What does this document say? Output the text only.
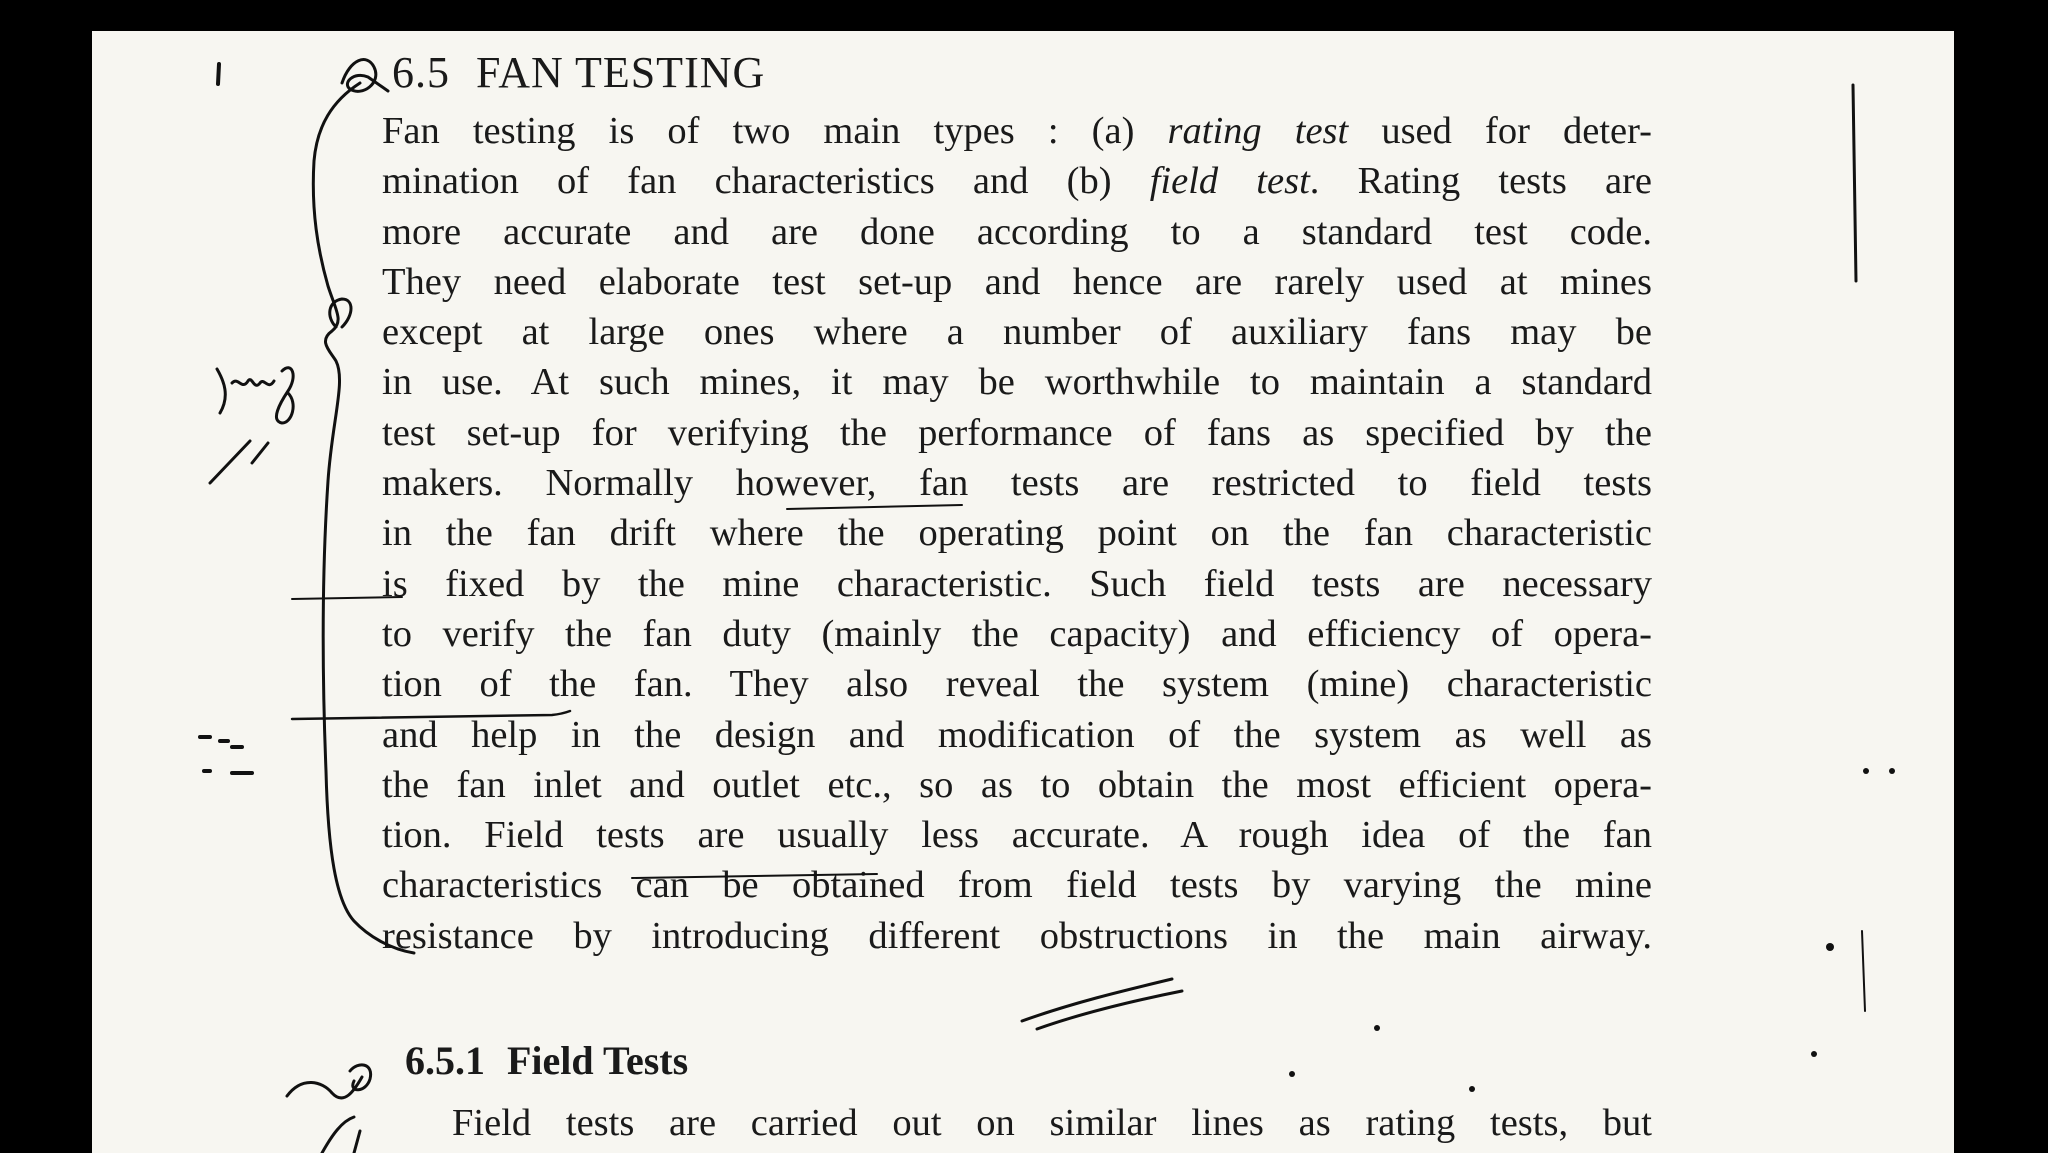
6.5 FAN TESTING
Fan testing is of two main types : (a) rating test used for deter-
mination of fan characteristics and (b) field test. Rating tests are
more accurate and are done according to a standard test code.
They need elaborate test set-up and hence are rarely used at mines
except at large ones where a number of auxiliary fans may be
in use. At such mines, it may be worthwhile to maintain a standard
test set-up for verifying the performance of fans as specified by the
makers. Normally however, fan tests are restricted to field tests
in the fan drift where the operating point on the fan characteristic
is fixed by the mine characteristic. Such field tests are necessary
to verify the fan duty (mainly the capacity) and efficiency of opera-
tion of the fan. They also reveal the system (mine) characteristic
and help in the design and modification of the system as well as
the fan inlet and outlet etc., so as to obtain the most efficient opera-
tion. Field tests are usually less accurate. A rough idea of the fan
characteristics can be obtained from field tests by varying the mine
resistance by introducing different obstructions in the main airway.
6.5.1 Field Tests
Field tests are carried out on similar lines as rating tests, but
